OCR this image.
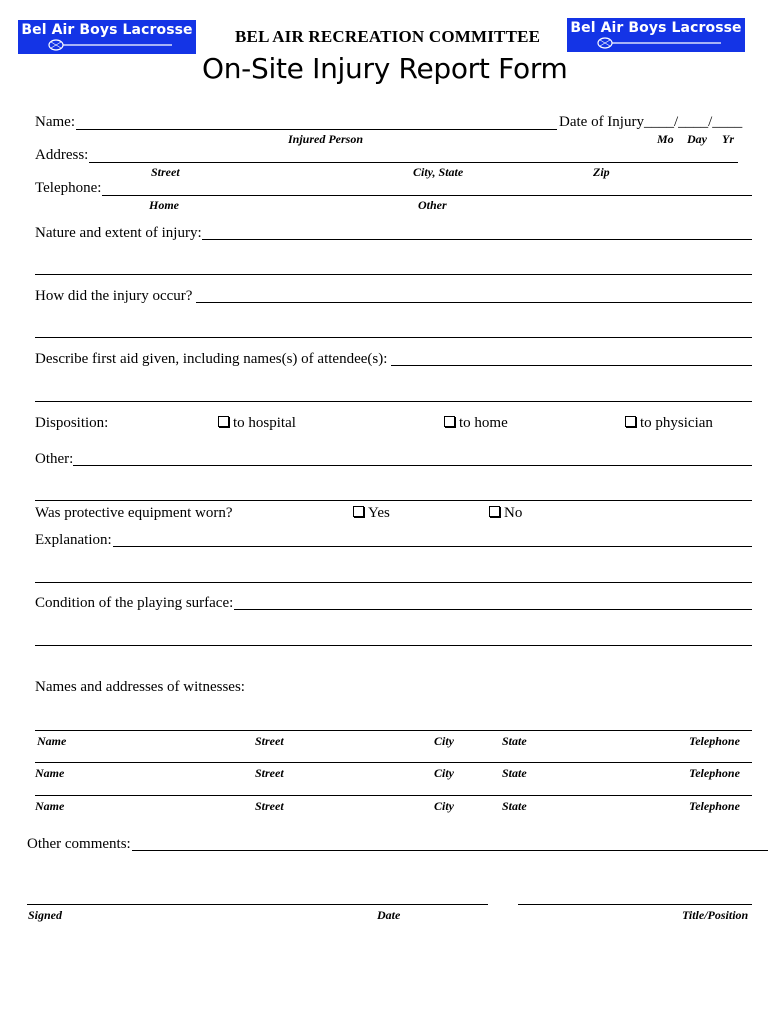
Bel Air Boys Lacrosse BEL AIR RECREATION COMMITTEE Bel Air Boys Lacrosse
On-Site Injury Report Form
Name:	Date of Injury____/____/____
Injured Person	Mo Day Yr
Address:
Street	City, State	Zip
Telephone:
Home	Other
Nature and extent of injury:
How did the injury occur?
Describe first aid given, including names(s) of attendee(s):
Disposition:	to hospital	to home	to physician
Other:
Was protective equipment worn?	Yes	No
Explanation:
Condition of the playing surface:
Names and addresses of witnesses:
Name	Street	City	State	Telephone
Name	Street	City	State	Telephone
Name	Street	City	State	Telephone
Other comments:
Signed	Date	Title/Position
